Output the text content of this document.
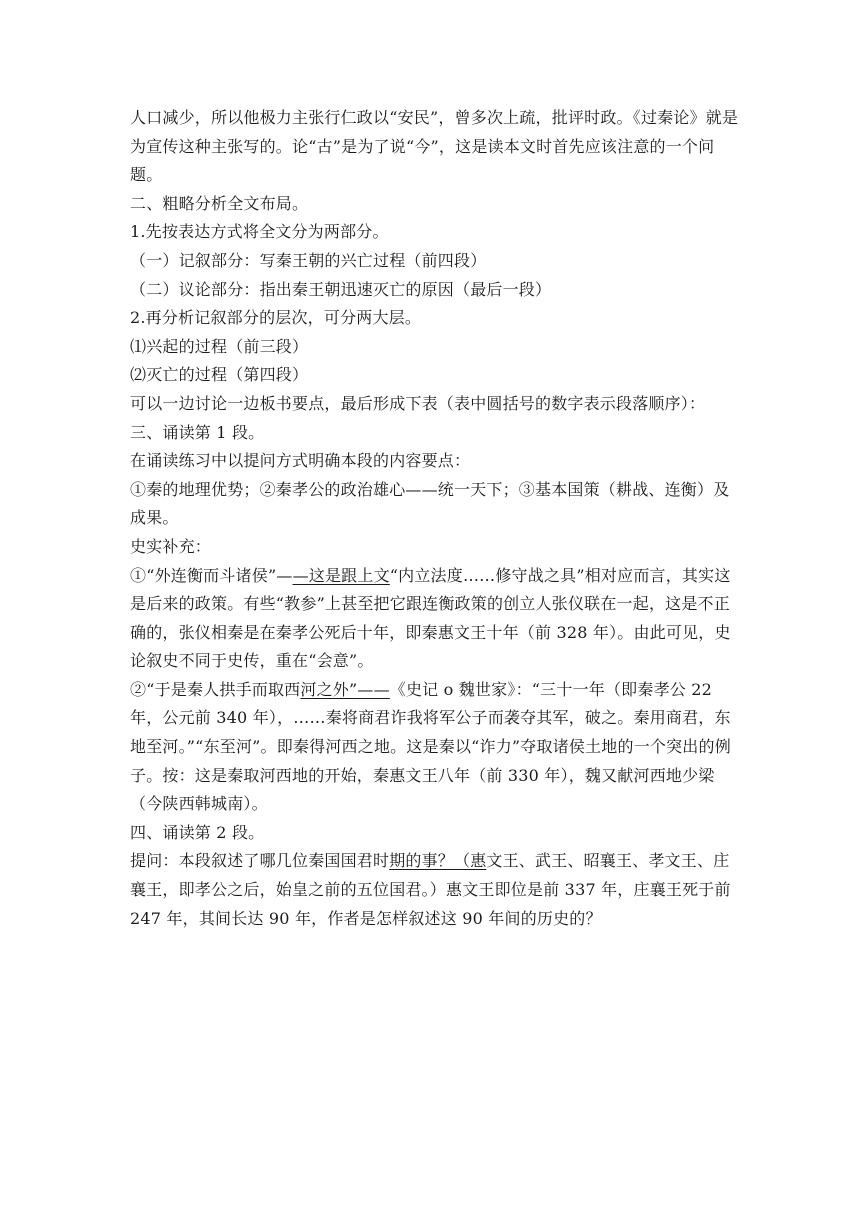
人口减少，所以他极力主张行仁政以“安民”，曾多次上疏，批评时政。《过秦论》就是为宣传这种主张写的。论“古”是为了说“今”，这是读本文时首先应该注意的一个问题。

二、粗略分析全文布局。

1.先按表达方式将全文分为两部分。

（一）记叙部分：写秦王朝的兴亡过程（前四段）

（二）议论部分：指出秦王朝迅速灭亡的原因（最后一段）

2.再分析记叙部分的层次，可分两大层。

⑴兴起的过程（前三段）

⑵灭亡的过程（第四段）

可以一边讨论一边板书要点，最后形成下表（表中圆括号的数字表示段落顺序）：

三、诵读第 1 段。

在诵读练习中以提问方式明确本段的内容要点：

①秦的地理优势；②秦孝公的政治雄心——统一天下；③基本国策（耕战、连衡）及成果。

史实补充：

①“外连衡而斗诸侯”——这是跟上文“内立法度……修守战之具”相对应而言，其实这是后来的政策。有些“教参”上甚至把它跟连衡政策的创立人张仪联在一起，这是不正确的，张仪相秦是在秦孝公死后十年，即秦惠文王十年（前 328 年）。由此可见，史论叙史不同于史传，重在“会意”。

②“于是秦人拱手而取西河之外”——《史记 o 魏世家》：“三十一年（即秦孝公 22 年，公元前 340 年），……秦将商君诈我将军公子而袭夺其军，破之。秦用商君，东地至河。”“东至河”。即秦得河西之地。这是秦以“诈力”夺取诸侯土地的一个突出的例子。按：这是秦取河西地的开始，秦惠文王八年（前 330 年），魏又献河西地少梁（今陕西韩城南）。

四、诵读第 2 段。

提问：本段叙述了哪几位秦国国君时期的事？（惠文王、武王、昭襄王、孝文王、庄襄王，即孝公之后，始皇之前的五位国君。）惠文王即位是前 337 年，庄襄王死于前 247 年，其间长达 90 年，作者是怎样叙述这 90 年间的历史的？
